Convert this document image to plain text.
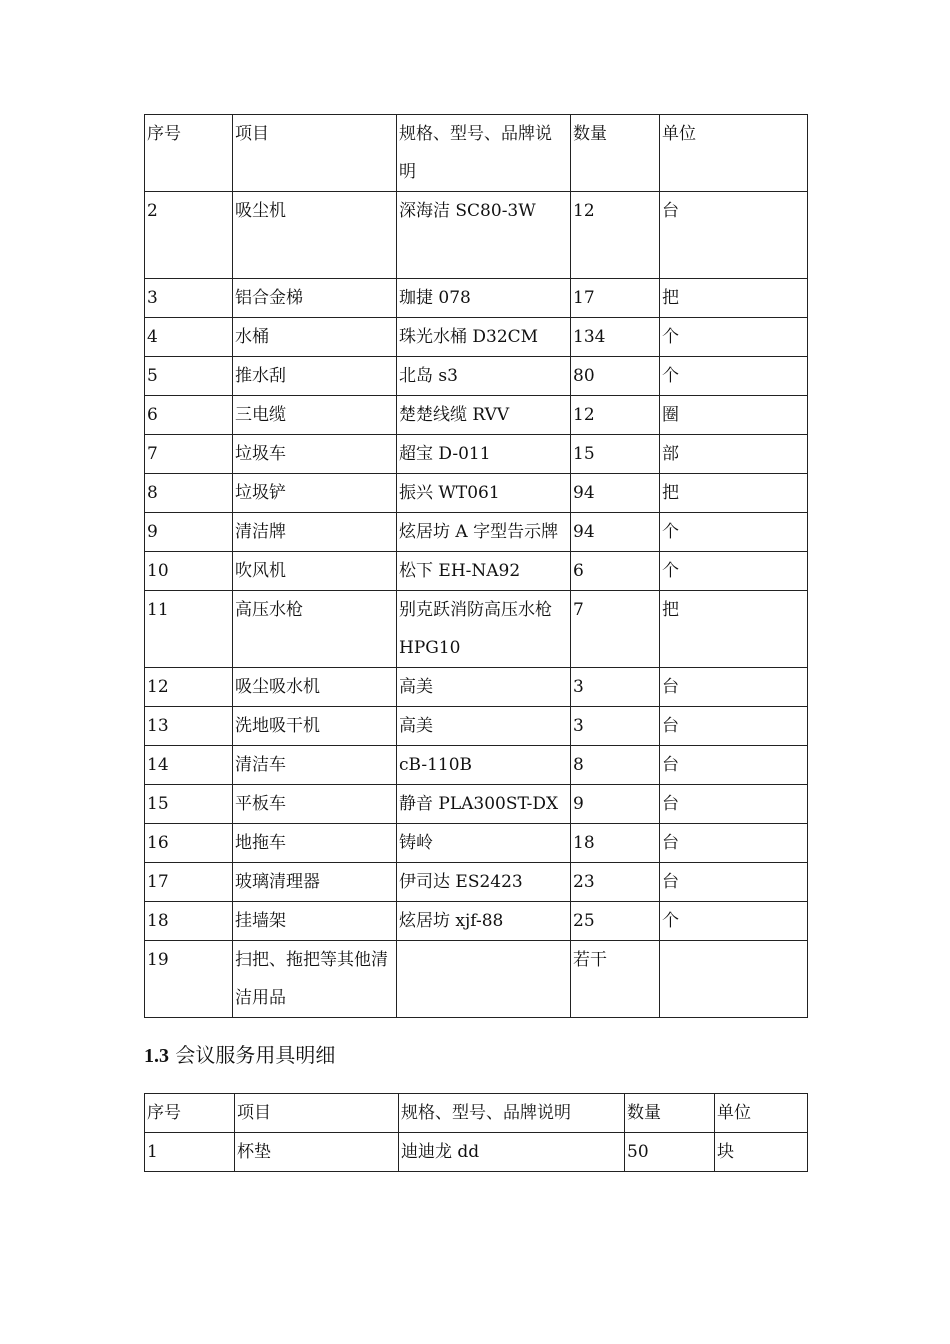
序号	项目	规格、型号、品牌说明	数量	单位
2	吸尘机	深海洁 SC80-3W	12	台
3	铝合金梯	珈捷 078	17	把
4	水桶	珠光水桶 D32CM	134	个
5	推水刮	北岛 s3	80	个
6	三电缆	楚楚线缆 RVV	12	圈
7	垃圾车	超宝 D-011	15	部
8	垃圾铲	振兴 WT061	94	把
9	清洁牌	炫居坊 A 字型告示牌	94	个
10	吹风机	松下 EH-NA92	6	个
11	高压水枪	别克跃消防高压水枪 HPG10	7	把
12	吸尘吸水机	高美	3	台
13	洗地吸干机	高美	3	台
14	清洁车	cB-110B	8	台
15	平板车	静音 PLA300ST-DX	9	台
16	地拖车	铸岭	18	台
17	玻璃清理器	伊司达 ES2423	23	台
18	挂墙架	炫居坊 xjf-88	25	个
19	扫把、拖把等其他清洁用品		若干	
1.3 会议服务用具明细
序号	项目	规格、型号、品牌说明	数量	单位
1	杯垫	迪迪龙 dd	50	块
